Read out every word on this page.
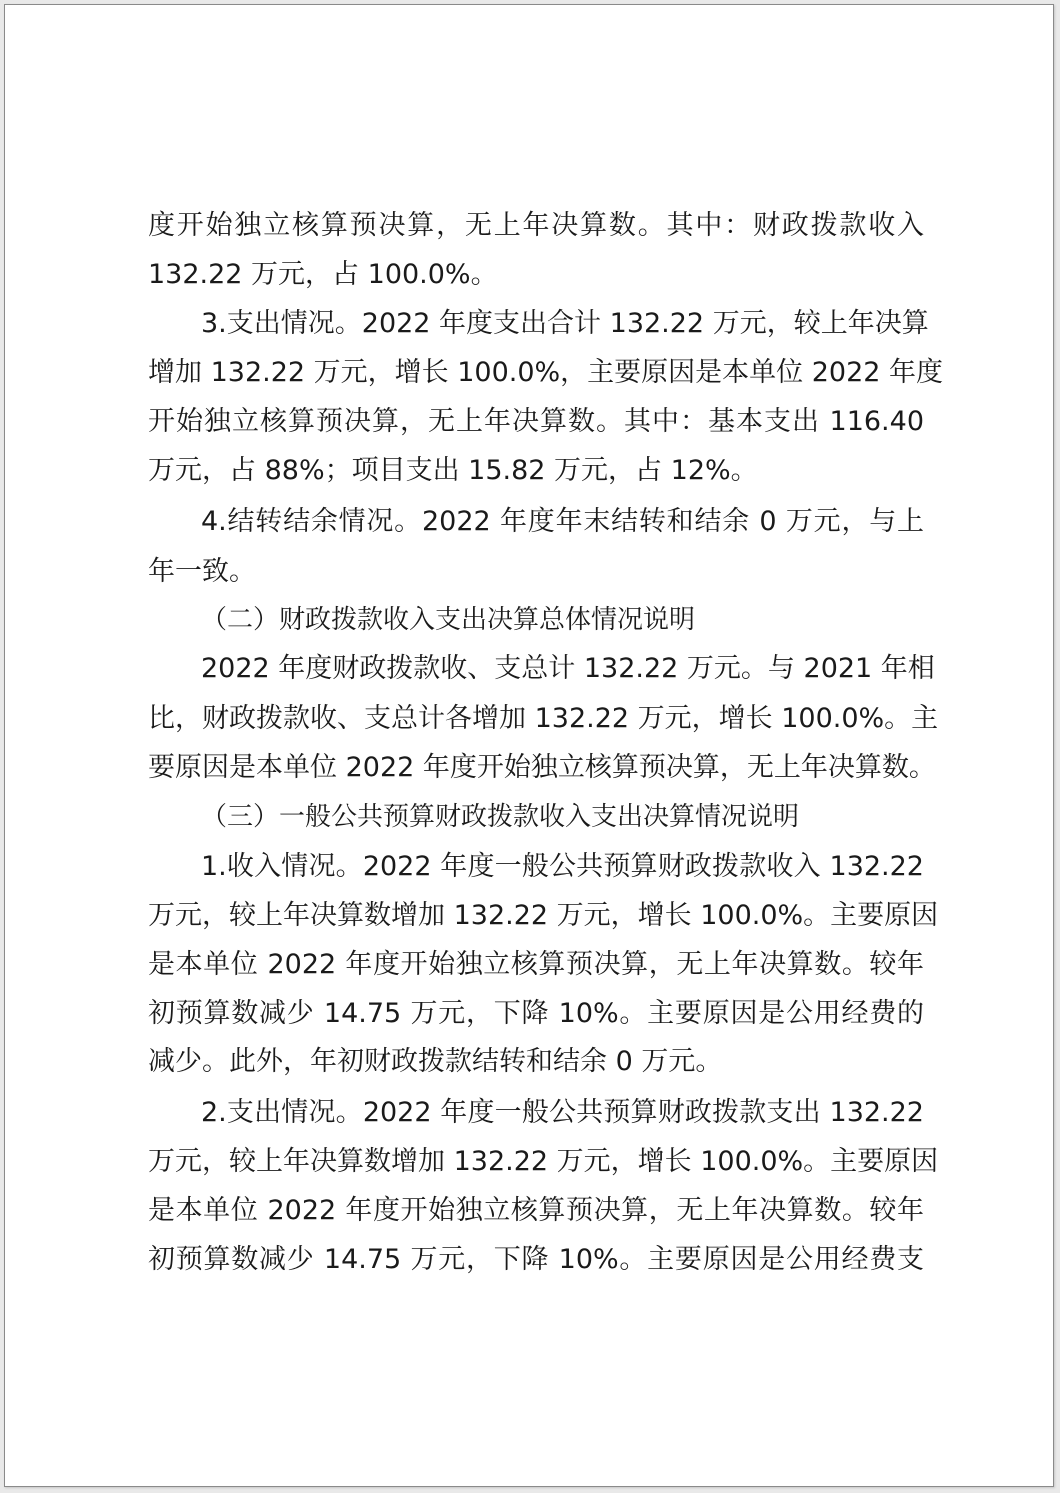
度开始独立核算预决算，无上年决算数。其中：财政拨款收入
132.22 万元，占 100.0%。
3.支出情况。2022 年度支出合计 132.22 万元，较上年决算
增加 132.22 万元，增长 100.0%，主要原因是本单位 2022 年度
开始独立核算预决算，无上年决算数。其中：基本支出 116.40
万元，占 88%；项目支出 15.82 万元，占 12%。
4.结转结余情况。2022 年度年末结转和结余 0 万元，与上
年一致。
（二）财政拨款收入支出决算总体情况说明
2022 年度财政拨款收、支总计 132.22 万元。与 2021 年相
比，财政拨款收、支总计各增加 132.22 万元，增长 100.0%。主
要原因是本单位 2022 年度开始独立核算预决算，无上年决算数。
（三）一般公共预算财政拨款收入支出决算情况说明
1.收入情况。2022 年度一般公共预算财政拨款收入 132.22
万元，较上年决算数增加 132.22 万元，增长 100.0%。主要原因
是本单位 2022 年度开始独立核算预决算，无上年决算数。较年
初预算数减少 14.75 万元，下降 10%。主要原因是公用经费的
减少。此外，年初财政拨款结转和结余 0 万元。
2.支出情况。2022 年度一般公共预算财政拨款支出 132.22
万元，较上年决算数增加 132.22 万元，增长 100.0%。主要原因
是本单位 2022 年度开始独立核算预决算，无上年决算数。较年
初预算数减少 14.75 万元，下降 10%。主要原因是公用经费支
